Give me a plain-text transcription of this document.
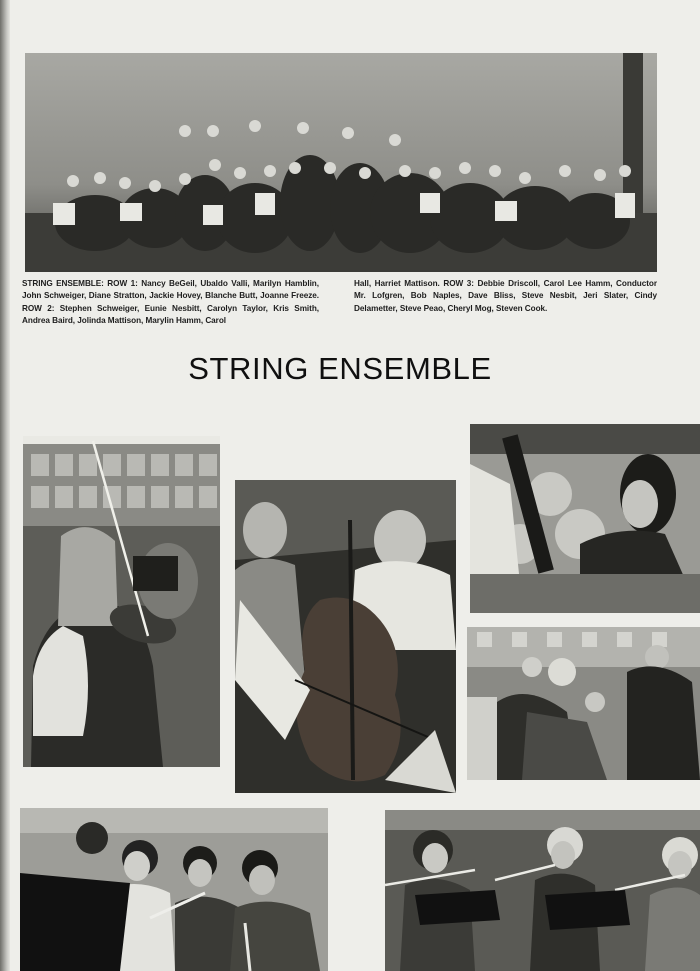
STRING ENSEMBLE: ROW 1: Nancy BeGeil, Ubaldo Valli, Marilyn Hamblin, John Schweiger, Diane Stratton, Jackie Hovey, Blanche Butt, Joanne Freeze. ROW 2: Stephen Schweiger, Eunie Nesbitt, Carolyn Taylor, Kris Smith, Andrea Baird, Jolinda Mattison, Marylin Hamm, Carol
Hall, Harriet Mattison. ROW 3: Debbie Driscoll, Carol Lee Hamm, Conductor Mr. Lofgren, Bob Naples, Dave Bliss, Steve Nesbit, Jeri Slater, Cindy Delametter, Steve Peao, Cheryl Mog, Steven Cook.
STRING ENSEMBLE
